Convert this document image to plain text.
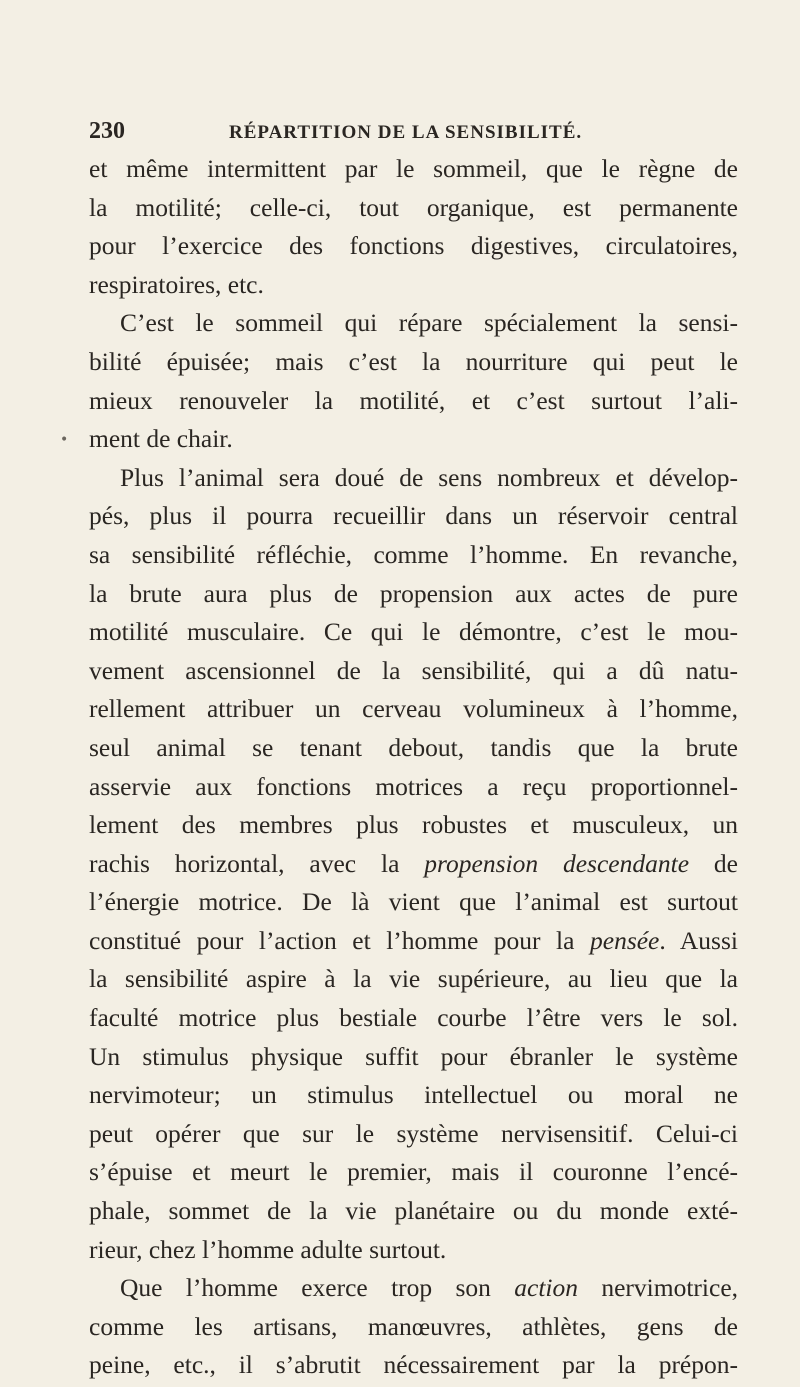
230	RÉPARTITION DE LA SENSIBILITÉ.
•
et même intermittent par le sommeil, que le règne de
la motilité; celle-ci, tout organique, est permanente
pour l’exercice des fonctions digestives, circulatoires,
respiratoires, etc.
C’est le sommeil qui répare spécialement la sensi-
bilité épuisée; mais c’est la nourriture qui peut le
mieux renouveler la motilité, et c’est surtout l’ali-
ment de chair.
Plus l’animal sera doué de sens nombreux et dévelop-
pés, plus il pourra recueillir dans un réservoir central
sa sensibilité réfléchie, comme l’homme. En revanche,
la brute aura plus de propension aux actes de pure
motilité musculaire. Ce qui le démontre, c’est le mou-
vement ascensionnel de la sensibilité, qui a dû natu-
rellement attribuer un cerveau volumineux à l’homme,
seul animal se tenant debout, tandis que la brute
asservie aux fonctions motrices a reçu proportionnel-
lement des membres plus robustes et musculeux, un
rachis horizontal, avec la propension descendante de
l’énergie motrice. De là vient que l’animal est surtout
constitué pour l’action et l’homme pour la pensée. Aussi
la sensibilité aspire à la vie supérieure, au lieu que la
faculté motrice plus bestiale courbe l’être vers le sol.
Un stimulus physique suffit pour ébranler le système
nervimoteur; un stimulus intellectuel ou moral ne
peut opérer que sur le système nervisensitif. Celui-ci
s’épuise et meurt le premier, mais il couronne l’encé-
phale, sommet de la vie planétaire ou du monde exté-
rieur, chez l’homme adulte surtout.
Que l’homme exerce trop son action nervimotrice,
comme les artisans, manœuvres, athlètes, gens de
peine, etc., il s’abrutit nécessairement par la prépon-
